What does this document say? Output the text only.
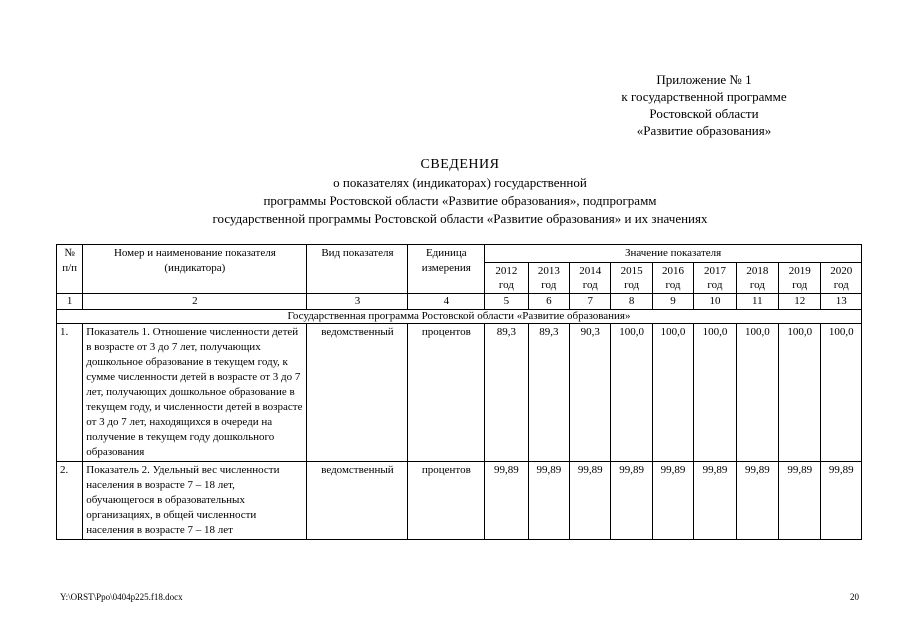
Приложение № 1
к государственной программе
Ростовской области
«Развитие образования»
СВЕДЕНИЯ
о показателях (индикаторах) государственной
программы Ростовской области «Развитие образования», подпрограмм
государственной программы Ростовской области «Развитие образования» и их значениях
№ п/п	Номер и наименование показателя (индикатора)	Вид показателя	Единица измерения	Значение показателя								
				2012 год	2013 год	2014 год	2015 год	2016 год	2017 год	2018 год	2019 год	2020 год
1	2	3	4	5	6	7	8	9	10	11	12	13
Государственная программа Ростовской области «Развитие образования»												
1.	Показатель 1. Отношение численности детей в возрасте от 3 до 7 лет, получающих дошкольное образование в текущем году, к сумме численности детей в возрасте от 3 до 7 лет, получающих дошкольное образование в текущем году, и численности детей в возрасте от 3 до 7 лет, находящихся в очереди на получение в текущем году дошкольного образования	ведомственный	процентов	89,3	89,3	90,3	100,0	100,0	100,0	100,0	100,0	100,0
2.	Показатель 2. Удельный вес численности населения в возрасте 7 – 18 лет, обучающегося в образовательных организациях, в общей численности населения в возрасте 7 – 18 лет	ведомственный	процентов	99,89	99,89	99,89	99,89	99,89	99,89	99,89	99,89	99,89
Y:\ORST\Ppo\0404p225.f18.docx	20
